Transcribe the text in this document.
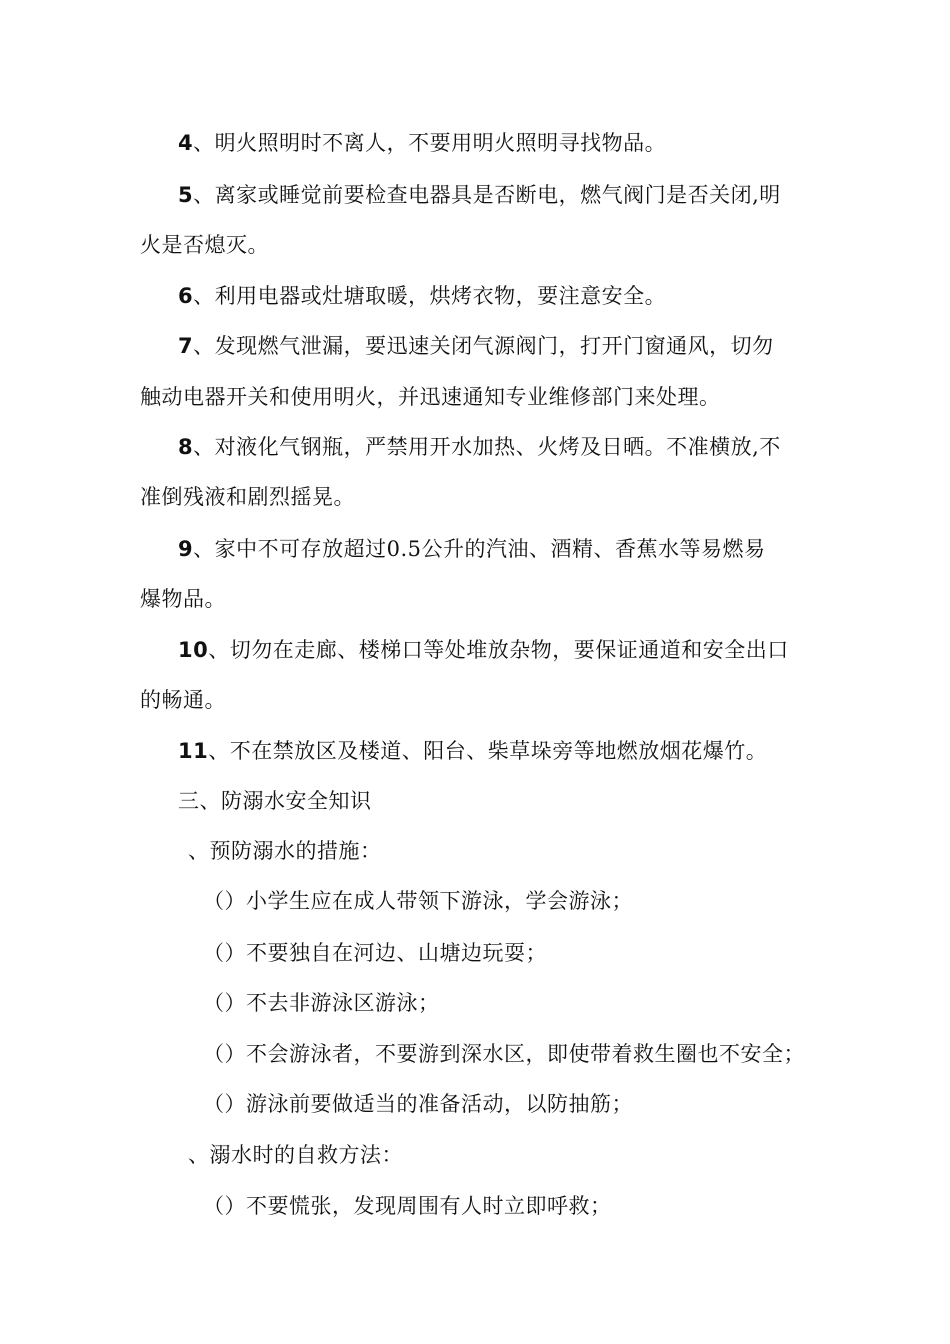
4、明火照明时不离人，不要用明火照明寻找物品。
5、离家或睡觉前要检查电器具是否断电，燃气阀门是否关闭,明
火是否熄灭。
6、利用电器或灶塘取暖，烘烤衣物，要注意安全。
7、发现燃气泄漏，要迅速关闭气源阀门，打开门窗通风，切勿
触动电器开关和使用明火，并迅速通知专业维修部门来处理。
8、对液化气钢瓶，严禁用开水加热、火烤及日晒。不准横放,不
准倒残液和剧烈摇晃。
9、家中不可存放超过0.5公升的汽油、酒精、香蕉水等易燃易
爆物品。
10、切勿在走廊、楼梯口等处堆放杂物，要保证通道和安全出口
的畅通。
11、不在禁放区及楼道、阳台、柴草垛旁等地燃放烟花爆竹。
三、防溺水安全知识
、预防溺水的措施：
（）小学生应在成人带领下游泳，学会游泳；
（）不要独自在河边、山塘边玩耍；
（）不去非游泳区游泳；
（）不会游泳者，不要游到深水区，即使带着救生圈也不安全；
（）游泳前要做适当的准备活动，以防抽筋；
、溺水时的自救方法：
（）不要慌张，发现周围有人时立即呼救；
